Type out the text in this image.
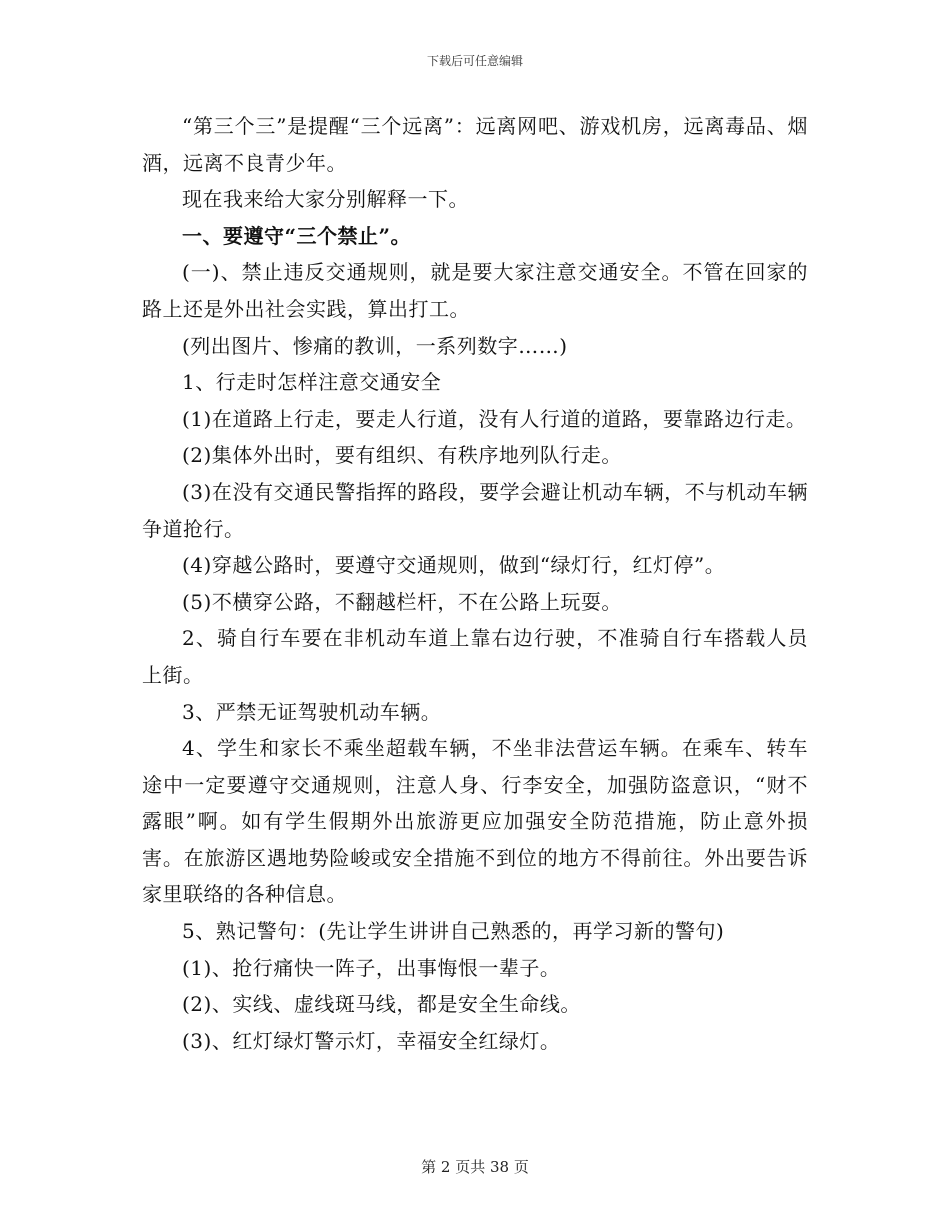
下载后可任意编辑

“第三个三”是提醒“三个远离”：远离网吧、游戏机房，远离毒品、烟酒，远离不良青少年。

现在我来给大家分别解释一下。

一、要遵守“三个禁止”。

(一)、禁止违反交通规则，就是要大家注意交通安全。不管在回家的路上还是外出社会实践，算出打工。

(列出图片、惨痛的教训，一系列数字……)

1、行走时怎样注意交通安全

(1)在道路上行走，要走人行道，没有人行道的道路，要靠路边行走。

(2)集体外出时，要有组织、有秩序地列队行走。

(3)在没有交通民警指挥的路段，要学会避让机动车辆，不与机动车辆争道抢行。

(4)穿越公路时，要遵守交通规则，做到“绿灯行，红灯停”。

(5)不横穿公路，不翻越栏杆，不在公路上玩耍。

2、骑自行车要在非机动车道上靠右边行驶，不准骑自行车搭载人员上街。

3、严禁无证驾驶机动车辆。

4、学生和家长不乘坐超载车辆，不坐非法营运车辆。在乘车、转车途中一定要遵守交通规则，注意人身、行李安全，加强防盗意识，“财不露眼”啊。如有学生假期外出旅游更应加强安全防范措施，防止意外损害。在旅游区遇地势险峻或安全措施不到位的地方不得前往。外出要告诉家里联络的各种信息。

5、熟记警句：(先让学生讲讲自己熟悉的，再学习新的警句)

(1)、抢行痛快一阵子，出事悔恨一辈子。

(2)、实线、虚线斑马线，都是安全生命线。

(3)、红灯绿灯警示灯，幸福安全红绿灯。

第 2 页共 38 页
